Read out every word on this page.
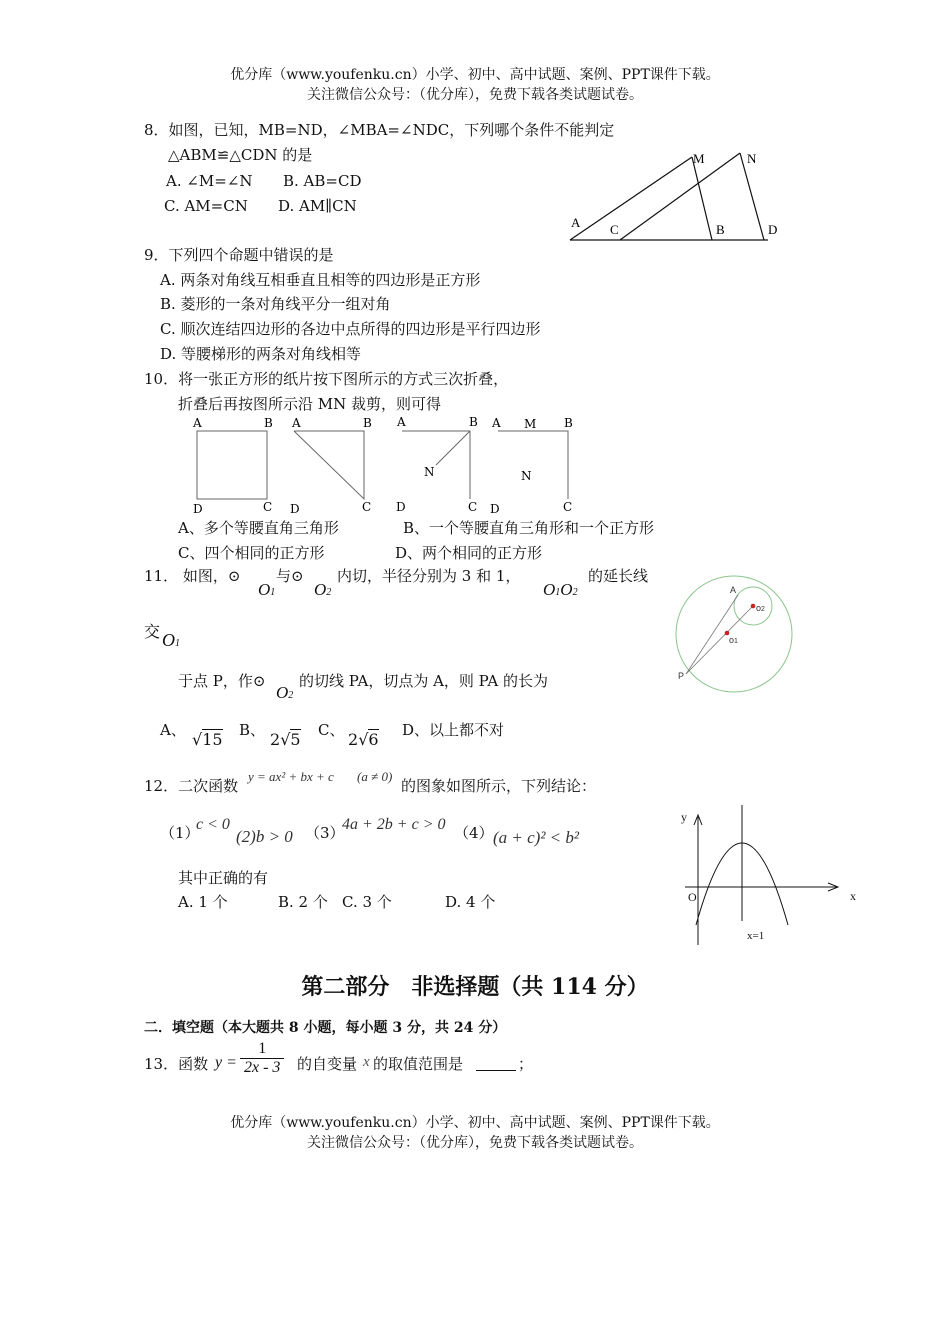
优分库（www.youfenku.cn）小学、初中、高中试题、案例、PPT课件下载。
关注微信公众号：（优分库），免费下载各类试题试卷。
8．如图，已知，MB=ND，∠MBA=∠NDC，下列哪个条件不能判定
△ABM≌△CDN 的是
A. ∠M=∠N B. AB=CD
C. AM=CN D. AM∥CN
A C	B	D
M	N
9．下列四个命题中错误的是
A. 两条对角线互相垂直且相等的四边形是正方形
B. 菱形的一条对角线平分一组对角
C. 顺次连结四边形的各边中点所得的四边形是平行四边形
D. 等腰梯形的两条对角线相等
10．将一张正方形的纸片按下图所示的方式三次折叠，
折叠后再按图所示沿 MN 裁剪，则可得
A	B
D	C
A	B
D	C
A	B
N
D	C
A M B
N
D	C
A、多个等腰直角三角形	B、一个等腰直角三角形和一个正方形
C、四个相同的正方形	D、两个相同的正方形
11． 如图，⊙
O1
与⊙
O2
内切，半径分别为 3 和 1，
O1O2
的延长线
交 O1
于点 P，作⊙
O2
的切线 PA，切点为 A，则 PA 的长为
A、 √15 B、 2√5 C、 2√6 D、以上都不对
A
o2
o1
P
12．二次函数
y = ax² + bx + c (a ≠ 0)
的图象如图所示，下列结论：
（1）
c < 0
(2)b > 0 （3）
4a + 2b + c > 0 （4） (a + c)² < b²
其中正确的有
A. 1 个	B. 2 个 C. 3 个	D. 4 个
y
x
O
x=1
第二部分　非选择题（共 114 分）
二．填空题（本大题共 8 小题，每小题 3 分，共 24 分）
13．函数 $y = \frac{1}{2x - 3}$ 的自变量 x 的取值范围是	；
优分库（www.youfenku.cn）小学、初中、高中试题、案例、PPT课件下载。
关注微信公众号：（优分库），免费下载各类试题试卷。
